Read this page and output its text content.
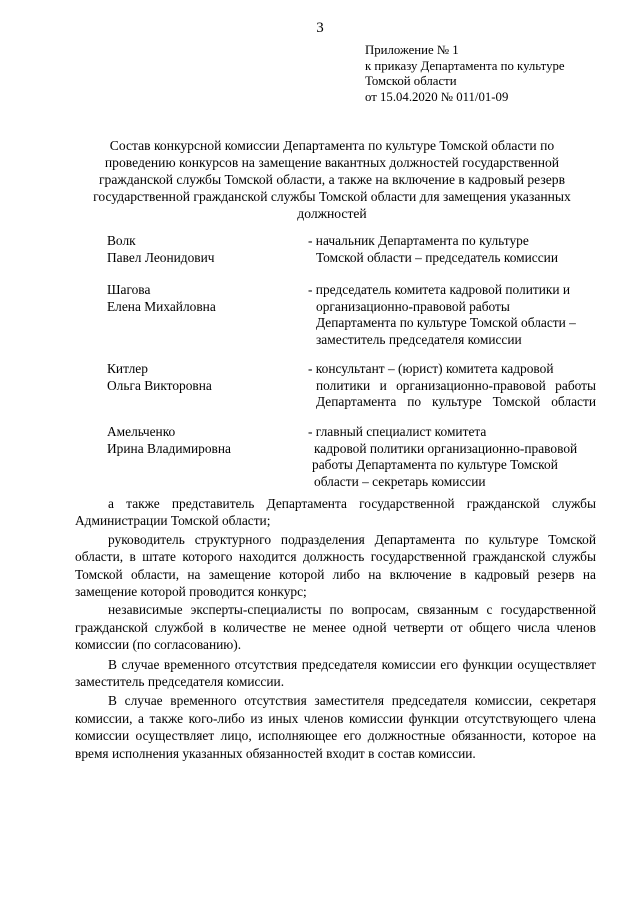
3
Приложение № 1
к приказу Департамента по культуре
Томской области
от 15.04.2020 № 011/01-09
Состав конкурсной комиссии Департамента по культуре Томской области по проведению конкурсов на замещение вакантных должностей государственной гражданской службы Томской области, а также на включение в кадровый резерв государственной гражданской службы Томской области для замещения указанных должностей
Волк
Павел Леонидович
- начальник Департамента по культуре
Томской области – председатель комиссии
Шагова
Елена Михайловна
- председатель комитета кадровой политики и
организационно-правовой работы
Департамента по культуре Томской области –
заместитель председателя комиссии
Китлер
Ольга Викторовна
- консультант – (юрист) комитета кадровой
политики и организационно-правовой работы
Департамента по культуре Томской области
Амельченко
Ирина Владимировна
- главный специалист комитета
кадровой политики организационно-правовой
работы Департамента по культуре Томской
области – секретарь комиссии

а также представитель Департамента государственной гражданской службы Администрации Томской области;

руководитель структурного подразделения Департамента по культуре Томской области, в штате которого находится должность государственной гражданской службы Томской области, на замещение которой либо на включение в кадровый резерв на замещение которой проводится конкурс;

независимые эксперты-специалисты по вопросам, связанным с государственной гражданской службой в количестве не менее одной четверти от общего числа членов комиссии (по согласованию).

В случае временного отсутствия председателя комиссии его функции осуществляет заместитель председателя комиссии.

В случае временного отсутствия заместителя председателя комиссии, секретаря комиссии, а также кого-либо из иных членов комиссии функции отсутствующего члена комиссии осуществляет лицо, исполняющее его должностные обязанности, которое на время исполнения указанных обязанностей входит в состав комиссии.
